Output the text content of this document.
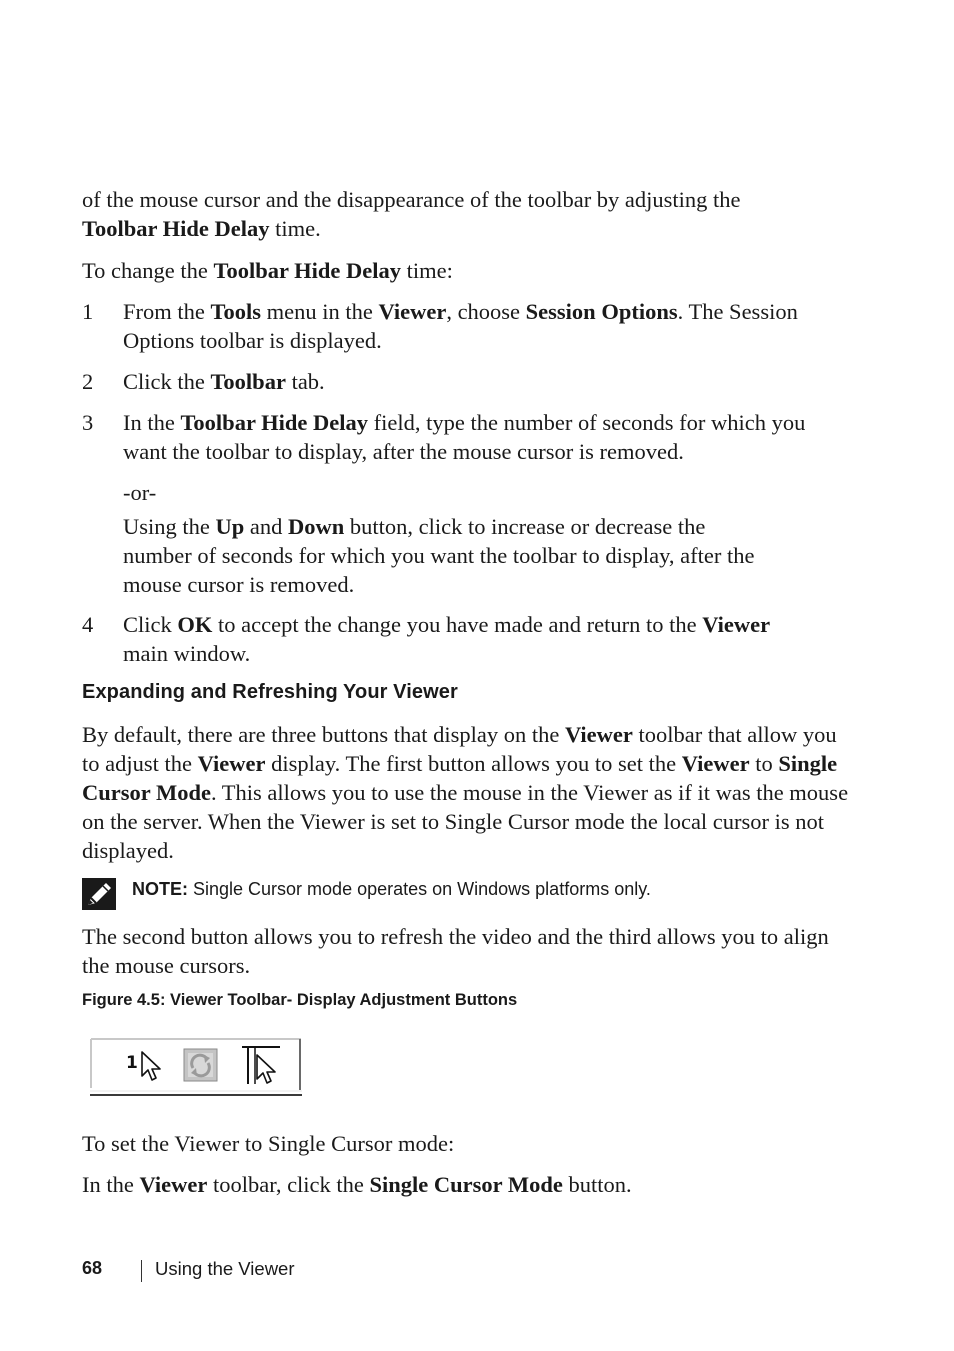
of the mouse cursor and the disappearance of the toolbar by adjusting the
Toolbar Hide Delay time.

To change the Toolbar Hide Delay time:

1	From the Tools menu in the Viewer, choose Session Options. The Session Options toolbar is displayed.
2	Click the Toolbar tab.
3	In the Toolbar Hide Delay field, type the number of seconds for which you want the toolbar to display, after the mouse cursor is removed.

-or-

Using the Up and Down button, click to increase or decrease the
number of seconds for which you want the toolbar to display, after the
mouse cursor is removed.

4	Click OK to accept the change you have made and return to the Viewer
main window.
Expanding and Refreshing Your Viewer

By default, there are three buttons that display on the Viewer toolbar that allow you to adjust the Viewer display. The first button allows you to set the Viewer to Single Cursor Mode. This allows you to use the mouse in the Viewer as if it was the mouse on the server. When the Viewer is set to Single Cursor mode the local cursor is not displayed.

NOTE: Single Cursor mode operates on Windows platforms only.

The second button allows you to refresh the video and the third allows you to align the mouse cursors.

Figure 4.5: Viewer Toolbar- Display Adjustment Buttons
1

To set the Viewer to Single Cursor mode:

In the Viewer toolbar, click the Single Cursor Mode button.

68	Using the Viewer
